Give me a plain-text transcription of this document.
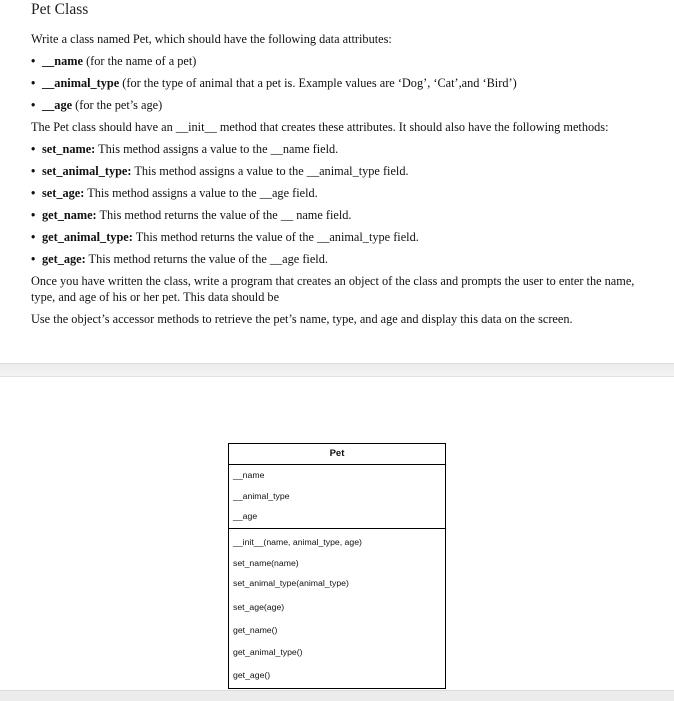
Pet Class
Write a class named Pet, which should have the following data attributes:
• __name (for the name of a pet)
• __animal_type (for the type of animal that a pet is. Example values are ‘Dog’, ‘Cat’,and ‘Bird’)
• __age (for the pet’s age)
The Pet class should have an __init__ method that creates these attributes. It should also have the following methods:
• set_name: This method assigns a value to the __name field.
• set_animal_type: This method assigns a value to the __animal_type field.
• set_age: This method assigns a value to the __age field.
• get_name: This method returns the value of the __ name field.
• get_animal_type: This method returns the value of the __animal_type field.
• get_age: This method returns the value of the __age field.
Once you have written the class, write a program that creates an object of the class and prompts the user to enter the name, type, and age of his or her pet. This data should be
Use the object’s accessor methods to retrieve the pet’s name, type, and age and display this data on the screen.
Pet
__name
__animal_type
__age
__init__(name, animal_type, age)
set_name(name)
set_animal_type(animal_type)
set_age(age)
get_name()
get_animal_type()
get_age()
